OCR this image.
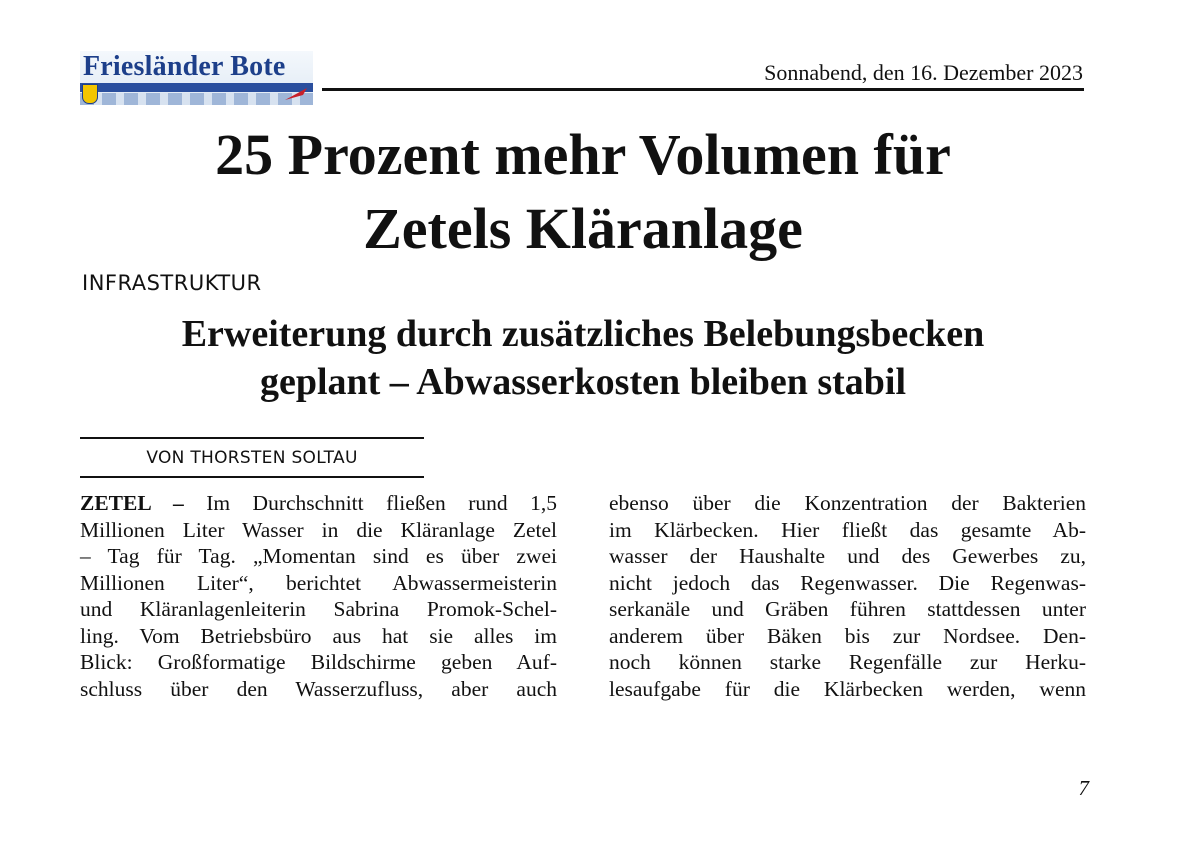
Friesländer Bote	Sonnabend, den 16. Dezember 2023
25 Prozent mehr Volumen für
Zetels Kläranlage
INFRASTRUKTUR
Erweiterung durch zusätzliches Belebungsbecken
geplant – Abwasserkosten bleiben stabil
VON THORSTEN SOLTAU
ZETEL – Im Durchschnitt fließen rund 1,5
Millionen Liter Wasser in die Kläranlage Zetel
– Tag für Tag. „Momentan sind es über zwei
Millionen Liter“, berichtet Abwassermeisterin
und Kläranlagenleiterin Sabrina Promok-Schel-
ling. Vom Betriebsbüro aus hat sie alles im
Blick: Großformatige Bildschirme geben Auf-
schluss über den Wasserzufluss, aber auch
ebenso über die Konzentration der Bakterien
im Klärbecken. Hier fließt das gesamte Ab-
wasser der Haushalte und des Gewerbes zu,
nicht jedoch das Regenwasser. Die Regenwas-
serkanäle und Gräben führen stattdessen unter
anderem über Bäken bis zur Nordsee. Den-
noch können starke Regenfälle zur Herku-
lesaufgabe für die Klärbecken werden, wenn
7
